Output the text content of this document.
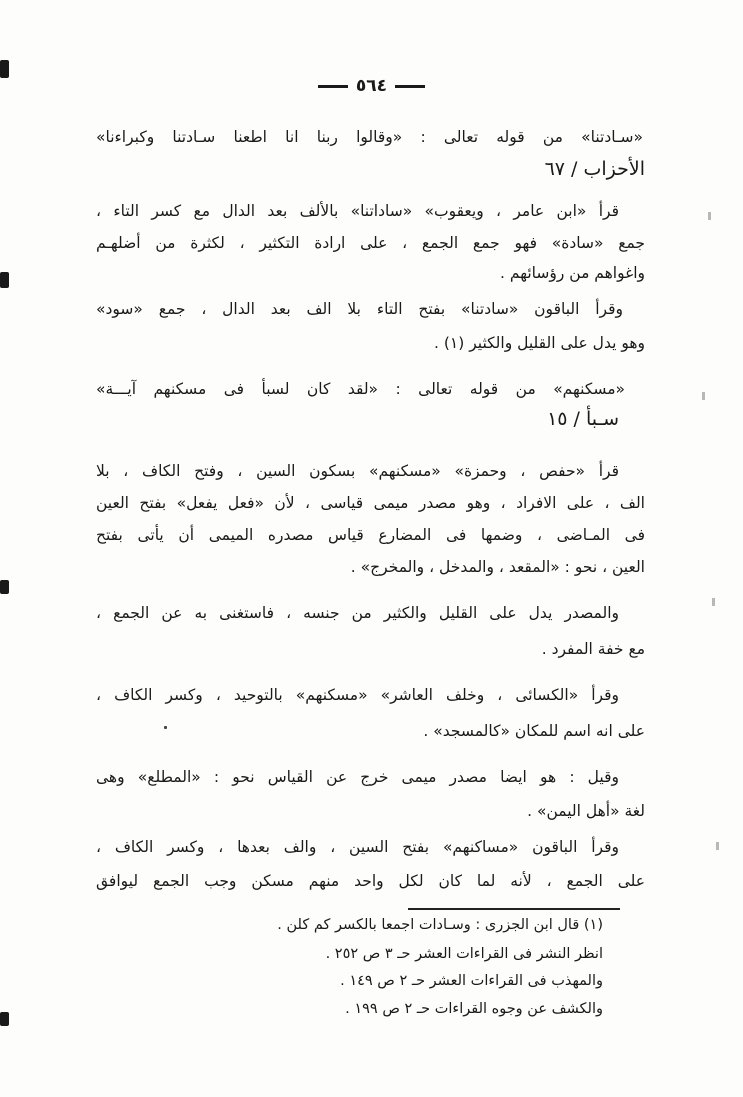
٥٦٤
«سـادتنا» من قوله تعالى : «وقالوا ربنا انا اطعنا سـادتنا وكبراءنا»
الأحزاب / ٦٧
قرأ «ابن عامر ، ويعقوب» «ساداتنا» بالألف بعد الدال مع كسر التاء ،
جمع «سادة» فهو جمع الجمع ، على ارادة التكثير ، لكثرة من أضلهـم
واغواهم من رؤسائهم .
وقرأ الباقون «سادتنا» بفتح التاء بلا الف بعد الدال ، جمع «سود»
وهو يدل على القليل والكثير (١) .
«مسكنهم» من قوله تعالى : «لقد كان لسبأ فى مسكنهم آيـــة»
سـبأ / ١٥
قرأ «حفص ، وحمزة» «مسكنهم» بسكون السين ، وفتح الكاف ، بلا
الف ، على الافراد ، وهو مصدر ميمى قياسى ، لأن «فعل يفعل» بفتح العين
فى المـاضى ، وضمها فى المضارع قياس مصدره الميمى أن يأتى بفتح
العين ، نحو : «المقعد ، والمدخل ، والمخرج» .
والمصدر يدل على القليل والكثير من جنسه ، فاستغنى به عن الجمع ،
مع خفة المفرد .
وقرأ «الكسائى ، وخلف العاشر» «مسكنهم» بالتوحيد ، وكسر الكاف ،
على انه اسم للمكان «كالمسجد» .
وقيل : هو ايضا مصدر ميمى خرج عن القياس نحو : «المطلع» وهى
لغة «أهل اليمن» .
وقرأ الباقون «مساكنهم» بفتح السين ، والف بعدها ، وكسر الكاف ،
على الجمع ، لأنه لما كان لكل واحد منهم مسكن وجب الجمع ليوافق
(١) قال ابن الجزرى : وسـادات اجمعا بالكسر كم كلن .
انظر النشر فى القراءات العشر حـ ٣ ص ٢٥٢ .
والمهذب فى القراءات العشر حـ ٢ ص ١٤٩ .
والكشف عن وجوه القراءات حـ ٢ ص ١٩٩ .
